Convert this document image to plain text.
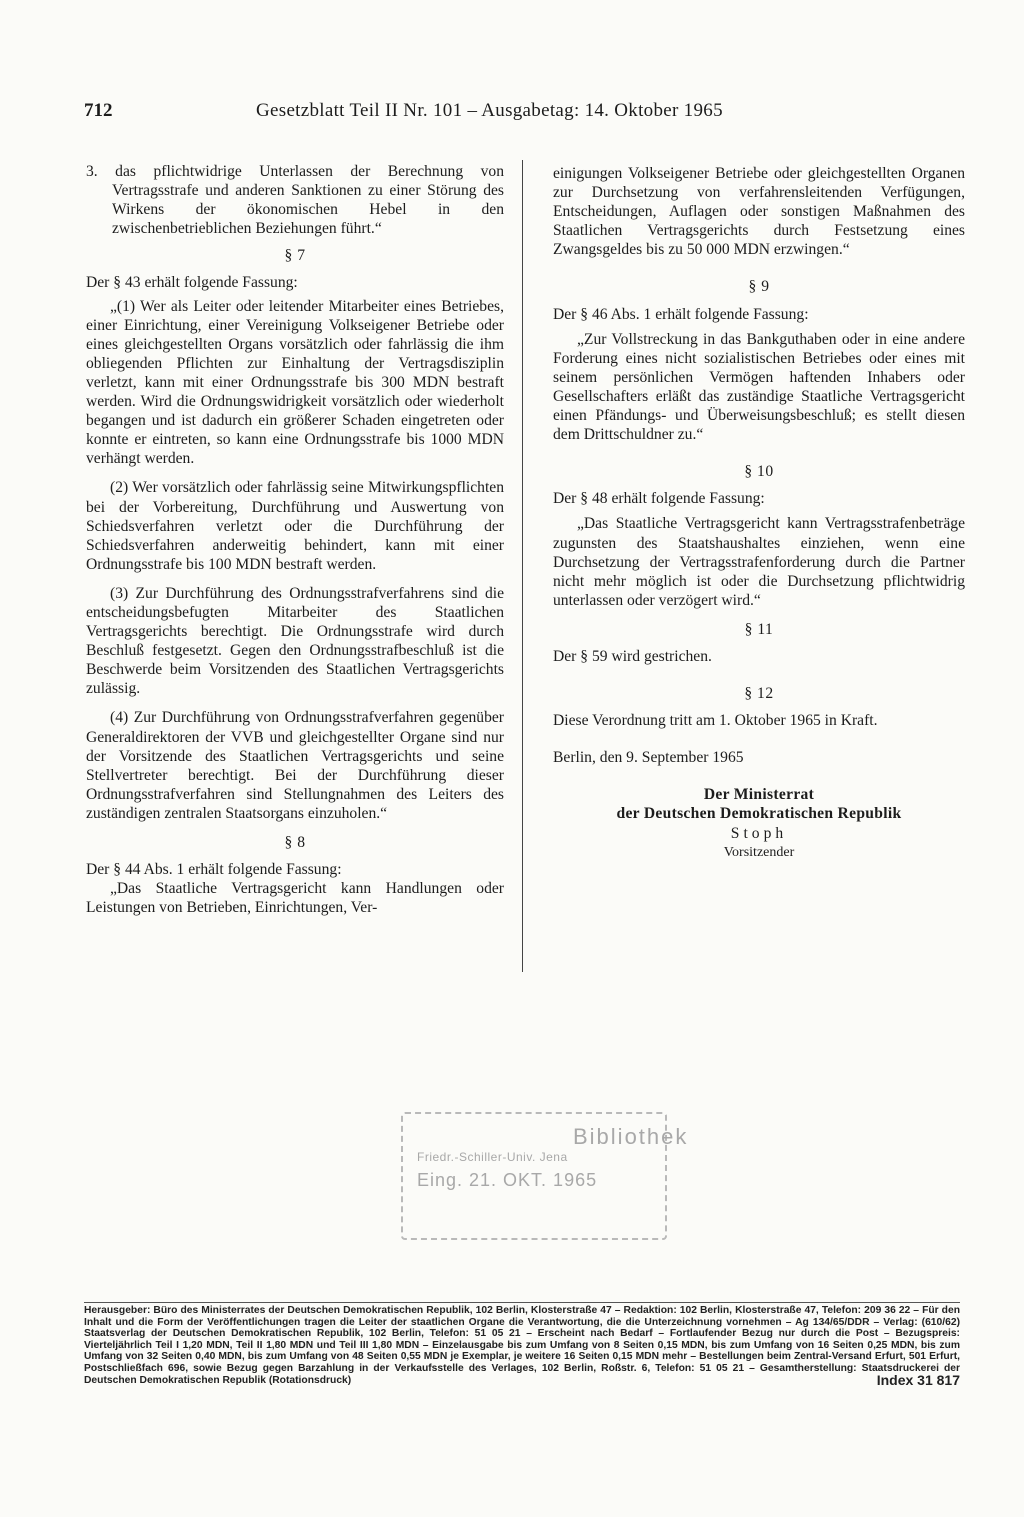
712	Gesetzblatt Teil II Nr. 101 – Ausgabetag: 14. Oktober 1965

3. das pflichtwidrige Unterlassen der Berechnung von Vertragsstrafe und anderen Sanktionen zu einer Störung des Wirkens der ökonomischen Hebel in den zwischenbetrieblichen Beziehungen führt.“

§ 7

Der § 43 erhält folgende Fassung:

„(1) Wer als Leiter oder leitender Mitarbeiter eines Betriebes, einer Einrichtung, einer Vereinigung Volkseigener Betriebe oder eines gleichgestellten Organs vorsätzlich oder fahrlässig die ihm obliegenden Pflichten zur Einhaltung der Vertragsdisziplin verletzt, kann mit einer Ordnungsstrafe bis 300 MDN bestraft werden. Wird die Ordnungswidrigkeit vorsätzlich oder wiederholt begangen und ist dadurch ein größerer Schaden eingetreten oder konnte er eintreten, so kann eine Ordnungsstrafe bis 1000 MDN verhängt werden.

(2) Wer vorsätzlich oder fahrlässig seine Mitwirkungspflichten bei der Vorbereitung, Durchführung und Auswertung von Schiedsverfahren verletzt oder die Durchführung der Schiedsverfahren anderweitig behindert, kann mit einer Ordnungsstrafe bis 100 MDN bestraft werden.

(3) Zur Durchführung des Ordnungsstrafverfahrens sind die entscheidungsbefugten Mitarbeiter des Staatlichen Vertragsgerichts berechtigt. Die Ordnungsstrafe wird durch Beschluß festgesetzt. Gegen den Ordnungsstrafbeschluß ist die Beschwerde beim Vorsitzenden des Staatlichen Vertragsgerichts zulässig.

(4) Zur Durchführung von Ordnungsstrafverfahren gegenüber Generaldirektoren der VVB und gleichgestellter Organe sind nur der Vorsitzende des Staatlichen Vertragsgerichts und seine Stellvertreter berechtigt. Bei der Durchführung dieser Ordnungsstrafverfahren sind Stellungnahmen des Leiters des zuständigen zentralen Staatsorgans einzuholen.“

§ 8

Der § 44 Abs. 1 erhält folgende Fassung:

„Das Staatliche Vertragsgericht kann Handlungen oder Leistungen von Betrieben, Einrichtungen, Ver-

einigungen Volkseigener Betriebe oder gleichgestellten Organen zur Durchsetzung von verfahrensleitenden Verfügungen, Entscheidungen, Auflagen oder sonstigen Maßnahmen des Staatlichen Vertragsgerichts durch Festsetzung eines Zwangsgeldes bis zu 50 000 MDN erzwingen.“

§ 9

Der § 46 Abs. 1 erhält folgende Fassung:

„Zur Vollstreckung in das Bankguthaben oder in eine andere Forderung eines nicht sozialistischen Betriebes oder eines mit seinem persönlichen Vermögen haftenden Inhabers oder Gesellschafters erläßt das zuständige Staatliche Vertragsgericht einen Pfändungs- und Überweisungsbeschluß; es stellt diesen dem Drittschuldner zu.“

§ 10

Der § 48 erhält folgende Fassung:

„Das Staatliche Vertragsgericht kann Vertragsstrafenbeträge zugunsten des Staatshaushaltes einziehen, wenn eine Durchsetzung der Vertragsstrafenforderung durch die Partner nicht mehr möglich ist oder die Durchsetzung pflichtwidrig unterlassen oder verzögert wird.“

§ 11

Der § 59 wird gestrichen.

§ 12

Diese Verordnung tritt am 1. Oktober 1965 in Kraft.

Berlin, den 9. September 1965

Der Ministerrat

der Deutschen Demokratischen Republik

Stoph

Vorsitzender

Bibliothek
Friedr.-Schiller-Univ. Jena
Eing. 21. OKT. 1965
Herausgeber: Büro des Ministerrates der Deutschen Demokratischen Republik, 102 Berlin, Klosterstraße 47 – Redaktion: 102 Berlin, Klosterstraße 47, Telefon: 209 36 22 – Für den Inhalt und die Form der Veröffentlichungen tragen die Leiter der staatlichen Organe die Verantwortung, die die Unterzeichnung vornehmen – Ag 134/65/DDR – Verlag: (610/62) Staatsverlag der Deutschen Demokratischen Republik, 102 Berlin, Telefon: 51 05 21 – Erscheint nach Bedarf – Fortlaufender Bezug nur durch die Post – Bezugspreis: Vierteljährlich Teil I 1,20 MDN, Teil II 1,80 MDN und Teil III 1,80 MDN – Einzelausgabe bis zum Umfang von 8 Seiten 0,15 MDN, bis zum Umfang von 16 Seiten 0,25 MDN, bis zum Umfang von 32 Seiten 0,40 MDN, bis zum Umfang von 48 Seiten 0,55 MDN je Exemplar, je weitere 16 Seiten 0,15 MDN mehr – Bestellungen beim Zentral-Versand Erfurt, 501 Erfurt, Postschließfach 696, sowie Bezug gegen Barzahlung in der Verkaufsstelle des Verlages, 102 Berlin, Roßstr. 6, Telefon: 51 05 21 – Gesamtherstellung: Staatsdruckerei der Deutschen Demokratischen Republik (Rotationsdruck)	Index 31 817
